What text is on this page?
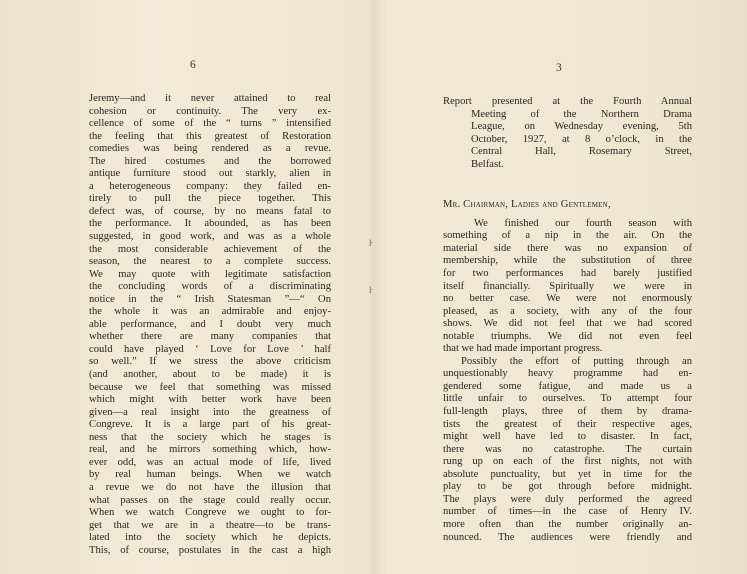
6
Jeremy—and it never attained to real
cohesion or continuity. The very ex-
cellence of some of the “ turns ” intensified
the feeling that this greatest of Restoration
comedies was being rendered as a revue.
The hired costumes and the borrowed
antique furniture stood out starkly, alien in
a heterogeneous company: they failed en-
tirely to pull the piece together. This
defect was, of course, by no means fatal to
the performance. It abounded, as has been
suggested, in good work, and was as a whole
the most considerable achievement of the
season, the nearest to a complete success.
We may quote with legitimate satisfaction
the concluding words of a discriminating
notice in the “ Irish Statesman ”—“ On
the whole it was an admirable and enjoy-
able performance, and I doubt very much
whether there are many companies that
could have played ‘ Love for Love ’ half
so well.” If we stress the above criticism
(and another, about to be made) it is
because we feel that something was missed
which might with better work have been
given—a real insight into the greatness of
Congreve. It is a large part of his great-
ness that the society which he stages is
real, and he mirrors something which, how-
ever odd, was an actual mode of life, lived
by real human beings. When we watch
a revue we do not have the illusion that
what passes on the stage could really occur.
When we watch Congreve we ought to for-
get that we are in a theatre—to be trans-
lated into the society which he depicts.
This, of course, postulates in the cast a high
ŀ
ŀ
3
Report presented at the Fourth Annual
Meeting of the Northern Drama
League, on Wednesday evening, 5th
October, 1927, at 8 o’clock, in the
Central Hall, Rosemary Street,
Belfast.
Mr. Chairman, Ladies and Gentlemen,
We finished our fourth season with
something of a nip in the air. On the
material side there was no expansion of
membership, while the substitution of three
for two performances had barely justified
itself financially. Spiritually we were in
no better case. We were not enormously
pleased, as a society, with any of the four
shows. We did not feel that we had scored
notable triumphs. We did not even feel
that we had made important progress.
Possibly the effort of putting through an
unquestionably heavy programme had en-
gendered some fatigue, and made us a
little unfair to ourselves. To attempt four
full-length plays, three of them by drama-
tists the greatest of their respective ages,
might well have led to disaster. In fact,
there was no catastrophe. The curtain
rung up on each of the first nights, not with
absolute punctuality, but yet in time for the
play to be got through before midnight.
The plays were duly performed the agreed
number of times—in the case of Henry IV.
more often than the number originally an-
nounced. The audiences were friendly and
